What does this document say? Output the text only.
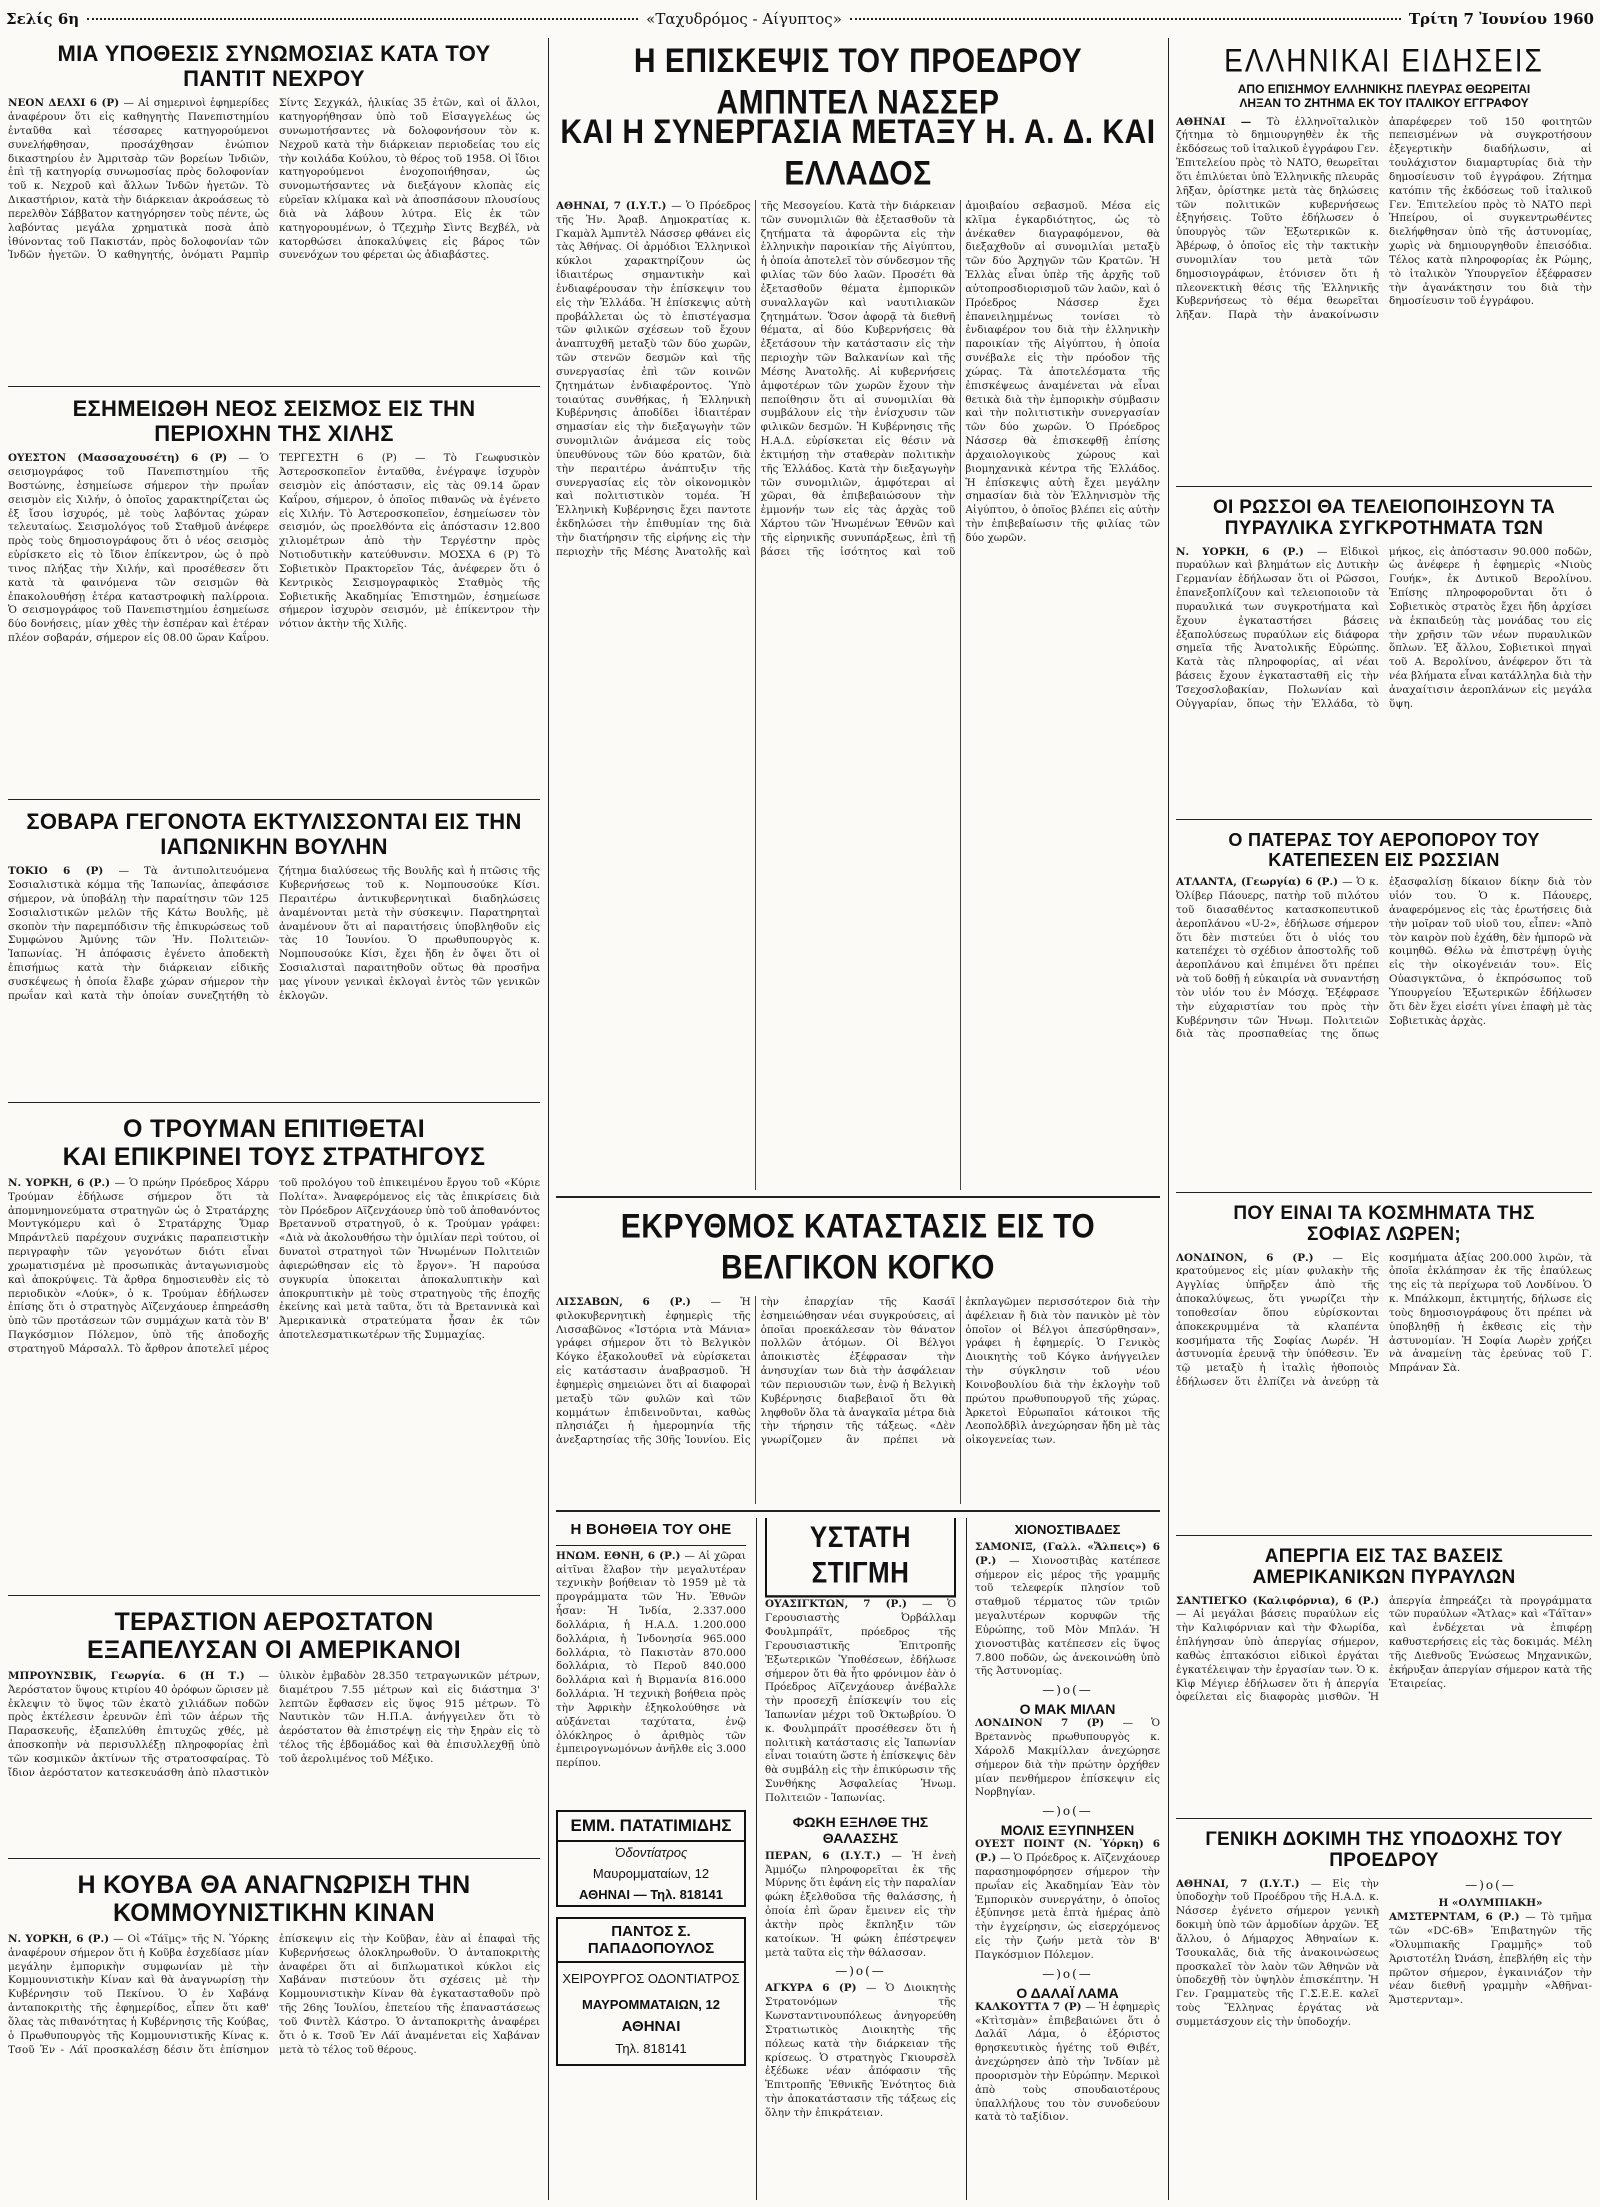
Σελίς 6η	«Ταχυδρόμος - Αίγυπτος»	Τρίτη 7 Ἰουνίου 1960
ΜΙΑ ΥΠΟΘΕΣΙΣ ΣΥΝΩΜΟΣΙΑΣ ΚΑΤΑ ΤΟΥ ΠΑΝΤΙΤ ΝΕΧΡΟΥ
ΝΕΟΝ ΔΕΛΧΙ 6 (Ρ) — Αἱ σημερινοὶ ἐφημερίδες ἀναφέρουν ὅτι εἰς καθηγητὴς Πανεπιστημίου ἐνταῦθα καὶ τέσσαρες κατηγορούμενοι συνελήφθησαν, προσάχθησαν ἐνώπιον δικαστηρίου ἐν Ἀμριτσὰρ τῶν βορείων Ἰνδιῶν, ἐπὶ τῇ κατηγορίᾳ συνωμοσίας πρὸς δολοφονίαν τοῦ κ. Νεχροῦ καὶ ἄλλων Ἰνδῶν ἡγετῶν. Τὸ Δικαστήριον, κατὰ τὴν διάρκειαν ἀκροάσεως τὸ περελθὸν Σάββατον κατηγόρησεν τοὺς πέντε, ὡς λαβόντας μεγάλα χρηματικὰ ποσὰ ἀπὸ ἰθύνοντας τοῦ Πακιστάν, πρὸς δολοφονίαν τῶν Ἰνδῶν ἡγετῶν. Ὁ καθηγητής, ὀνόματι Ραμπὶρ Σίντς Σεχγκάλ, ἡλικίας 35 ἐτῶν, καὶ οἱ ἄλλοι, κατηγορήθησαν ὑπὸ τοῦ Εἰσαγγελέως ὡς συνωμοτήσαντες νὰ δολοφονήσουν τὸν κ. Νεχροῦ κατὰ τὴν διάρκειαν περιοδείας του εἰς τὴν κοιλάδα Κούλου, τὸ θέρος τοῦ 1958. Οἱ ἴδιοι κατηγορούμενοι ἐνοχοποιήθησαν, ὡς συνομωτήσαντες νὰ διεξάγουν κλοπὰς εἰς εὐρεῖαν κλίμακα καὶ νὰ ἀποσπάσουν πλουσίους διὰ νὰ λάβουν λύτρα. Εἰς ἐκ τῶν κατηγορουμένων, ὁ Τζεχμὴρ Σὶντς Βεχβέλ, νὰ κατορθώσει ἀποκαλύψεις εἰς βάρος τῶν συνενόχων του φέρεται ὡς ἀδιαβάστες.
ΕΣΗΜΕΙΩΘΗ ΝΕΟΣ ΣΕΙΣΜΟΣ ΕΙΣ ΤΗΝ ΠΕΡΙΟΧΗΝ ΤΗΣ ΧΙΛΗΣ
ΟΥΕΣΤΟΝ (Μασσαχουσέτη) 6 (Ρ) — Ὁ σεισμογράφος τοῦ Πανεπιστημίου τῆς Βοστώνης, ἐσημείωσε σήμερον τὴν πρωΐαν σεισμὸν εἰς Χιλήν, ὁ ὁποῖος χαρακτηρίζεται ὡς ἐξ ἴσου ἰσχυρός, μὲ τοὺς λαβόντας χώραν τελευταίως. Σεισμολόγος τοῦ Σταθμοῦ ἀνέφερε πρὸς τοὺς δημοσιογράφους ὅτι ὁ νέος σεισμὸς εὑρίσκετο εἰς τὸ ἴδιον ἐπίκεντρον, ὡς ὁ πρὸ τινος πλήξας τὴν Χιλήν, καὶ προσέθεσεν ὅτι κατὰ τὰ φαινόμενα τῶν σεισμῶν θὰ ἐπακολουθήσῃ ἑτέρα καταστροφικὴ παλίρροια. Ὁ σεισμογράφος τοῦ Πανεπιστημίου ἐσημείωσε δύο δονήσεις, μίαν χθὲς τὴν ἑσπέραν καὶ ἑτέραν πλέον σοβαράν, σήμερον εἰς 08.00 ὥραν Καΐρου. ΤΕΡΓΕΣΤΗ 6 (Ρ) — Τὸ Γεωφυσικὸν Ἀστεροσκοπεῖον ἐνταῦθα, ἐνέγραψε ἰσχυρὸν σεισμὸν εἰς ἀπόστασιν, εἰς τὰς 09.14 ὥραν Καΐρου, σήμερον, ὁ ὁποῖος πιθανῶς νὰ ἐγένετο εἰς Χιλήν. Τὸ Ἀστεροσκοπεῖον, ἐσημείωσεν τὸν σεισμόν, ὡς προελθόντα εἰς ἀπόστασιν 12.800 χιλιομέτρων ἀπὸ τὴν Τεργέστην πρὸς Νοτιοδυτικὴν κατεύθυνσιν. ΜΟΣΧΑ 6 (Ρ) Τὸ Σοβιετικὸν Πρακτορεῖον Τάς, ἀνέφερεν ὅτι ὁ Κεντρικὸς Σεισμογραφικὸς Σταθμὸς τῆς Σοβιετικῆς Ἀκαδημίας Ἐπιστημῶν, ἐσημείωσε σήμερον ἰσχυρὸν σεισμόν, μὲ ἐπίκεντρον τὴν νότιον ἀκτὴν τῆς Χιλῆς.
ΣΟΒΑΡΑ ΓΕΓΟΝΟΤΑ ΕΚΤΥΛΙΣΣΟΝΤΑΙ ΕΙΣ ΤΗΝ ΙΑΠΩΝΙΚΗΝ ΒΟΥΛΗΝ
ΤΟΚΙΟ 6 (Ρ) — Τὰ ἀντιπολιτευόμενα Σοσιαλιστικὰ κόμμα τῆς Ἰαπωνίας, ἀπεφάσισε σήμερον, νὰ ὑποβάλῃ τὴν παραίτησιν τῶν 125 Σοσιαλιστικῶν μελῶν τῆς Κάτω Βουλῆς, μὲ σκοπὸν τὴν παρεμπόδισιν τῆς ἐπικυρώσεως τοῦ Συμφώνου Ἀμύνης τῶν Ἠν. Πολιτειῶν-Ἰαπωνίας. Ἡ ἀπόφασις ἐγένετο ἀποδεκτὴ ἐπισήμως κατὰ τὴν διάρκειαν εἰδικῆς συσκέψεως ἡ ὁποία ἔλαβε χώραν σήμερον τὴν πρωΐαν καὶ κατὰ τὴν ὁποίαν συνεζητήθη τὸ ζήτημα διαλύσεως τῆς Βουλῆς καὶ ἡ πτῶσις τῆς Κυβερνήσεως τοῦ κ. Νομπουσούκε Κίσι. Περαιτέρω ἀντικυβερνητικαὶ διαδηλώσεις ἀναμένονται μετὰ τὴν σύσκεψιν. Παρατηρηταὶ ἀναμένουν ὅτι αἱ παραιτήσεις ὑποβληθοῦν εἰς τὰς 10 Ἰουνίου. Ὁ πρωθυπουργὸς κ. Νομπουσούκε Κίσι, ἔχει ἤδη ἐν ὄψει ὅτι οἱ Σοσιαλισταὶ παραιτηθοῦν οὕτως θὰ προσῆνα μας γίνουν γενικαὶ ἐκλογαὶ ἐντὸς τῶν γενικῶν ἐκλογῶν.
Ο ΤΡΟΥΜΑΝ ΕΠΙΤΙΘΕΤΑΙ
ΚΑΙ ΕΠΙΚΡΙΝΕΙ ΤΟΥΣ ΣΤΡΑΤΗΓΟΥΣ
Ν. ΥΟΡΚΗ, 6 (Ρ.) — Ὁ πρώην Πρόεδρος Χάρρυ Τρούμαν ἐδήλωσε σήμερον ὅτι τὰ ἀπομνημονεύματα στρατηγῶν ὡς ὁ Στρατάρχης Μοντγκόμερυ καὶ ὁ Στρατάρχης Ὄμαρ Μπράντλεϋ παρέχουν συχνάκις παραπειστικὴν περιγραφὴν τῶν γεγονότων διότι εἶναι χρωματισμένα μὲ προσωπικὰς ἀνταγωνισμοὺς καὶ ἀποκρύψεις. Τὰ ἄρθρα δημοσιευθὲν εἰς τὸ περιοδικὸν «Λούκ», ὁ κ. Τρούμαν ἐδήλωσεν ἐπίσης ὅτι ὁ στρατηγὸς Αϊζενχάουερ ἐπηρεάσθη ὑπὸ τῶν προτάσεων τῶν συμμάχων κατὰ τὸν Β' Παγκόσμιον Πόλεμον, ὑπὸ τῆς ἀποδοχῆς στρατηγοῦ Μάρσαλλ. Τὸ ἄρθρον ἀποτελεῖ μέρος τοῦ προλόγου τοῦ ἐπικειμένου ἔργου τοῦ «Κύριε Πολίτα». Ἀναφερόμενος εἰς τὰς ἐπικρίσεις διὰ τὸν Πρόεδρον Αϊζενχάουερ ὑπὸ τοῦ ἀποθανόντος Βρεταννοῦ στρατηγοῦ, ὁ κ. Τρούμαν γράφει: «Διὰ νὰ ἀκολουθήσω τὴν ὁμιλίαν περὶ τούτου, οἱ δυνατοὶ στρατηγοὶ τῶν Ἠνωμένων Πολιτειῶν ἀφιερώθησαν εἰς τὸ ἔργον». Ἡ παρούσα συγκυρία ὑποκειται ἀποκαλυπτικὴν καὶ ἀποκρυπτικὴν μὲ τοὺς στρατηγοὺς τῆς ἐποχῆς ἐκείνης καὶ μετὰ ταῦτα, ὅτι τὰ Βρεταννικὰ καὶ Ἀμερικανικὰ στρατεύματα ἦσαν ἐκ τῶν ἀποτελεσματικωτέρων τῆς Συμμαχίας.
ΤΕΡΑΣΤΙΟΝ ΑΕΡΟΣΤΑΤΟΝ ΕΞΑΠΕΛΥΣΑΝ ΟΙ ΑΜΕΡΙΚΑΝΟΙ
ΜΠΡΟΥΝΣΒΙΚ, Γεωργία. 6 (Η Τ.) — Ἀερόστατον ὕψους κτιρίου 40 ὀρόφων ὥρισεν μὲ ἐκλεψιν τὸ ὕψος τῶν ἐκατὸ χιλιάδων ποδῶν πρὸς ἐκτέλεσιν ἐρευνῶν ἐπὶ τῶν ἀέρων τῆς Παρασκευῆς, ἐξαπελύθη ἐπιτυχῶς χθές, μὲ ἀποσκοπὴν νὰ περισυλλέξῃ πληροφορίας ἐπὶ τῶν κοσμικῶν ἀκτίνων τῆς στρατοσφαίρας. Τὸ ἴδιον ἀερόστατον κατεσκευάσθη ἀπὸ πλαστικὸν ὑλικὸν ἐμβαδὸν 28.350 τετραγωνικῶν μέτρων, διαμέτρου 7.55 μέτρων καὶ εἰς διάστημα 3' λεπτῶν ἔφθασεν εἰς ὕψος 915 μέτρων. Τὸ Ναυτικὸν τῶν Η.Π.Α. ἀνήγγειλεν ὅτι τὸ ἀερόστατον θὰ ἐπιστρέψῃ εἰς τὴν ξηρὰν εἰς τὸ τέλος τῆς ἑβδομάδος καὶ θὰ ἐπισυλλεχθῇ ὑπὸ τοῦ ἀερολιμένος τοῦ Μέξικο.
Η ΚΟΥΒΑ ΘΑ ΑΝΑΓΝΩΡΙΣΗ ΤΗΝ ΚΟΜΜΟΥΝΙΣΤΙΚΗΝ ΚΙΝΑΝ
Ν. ΥΟΡΚΗ, 6 (Ρ.) — Οἱ «Τάϊμς» τῆς Ν. Ὑόρκης ἀναφέρουν σήμερον ὅτι ἡ Κοῦβα ἐσχεδίασε μίαν μεγάλην ἐμπορικὴν συμφωνίαν μὲ τὴν Κομμουνιστικὴν Κίναν καὶ θὰ ἀναγνωρίσῃ τὴν Κυβέρνησιν τοῦ Πεκίνου. Ὁ ἐν Χαβάνᾳ ἀνταποκριτὴς τῆς ἐφημερίδος, εἶπεν ὅτι καθ' ὅλας τὰς πιθανότητας ἡ Κυβέρνησις τῆς Κούβας, ὁ Πρωθυπουργὸς τῆς Κομμουνιστικῆς Κίνας κ. Τσοῦ Ἐν - Λάϊ προσκαλέσῃ δέσιν ὅτι ἐπίσημον ἐπίσκεψιν εἰς τὴν Κοῦβαν, ἐὰν αἱ ἐπαφαὶ τῆς Κυβερνήσεως ὁλοκληρωθοῦν. Ὁ ἀνταποκριτὴς ἀναφέρει ὅτι αἱ διπλωματικοὶ κύκλοι εἰς Χαβάναν πιστεύουν ὅτι σχέσεις μὲ τὴν Κομμουνιστικὴν Κίναν θὰ ἐγκατασταθοῦν πρὸ τῆς 26ης Ἰουλίου, ἐπετείου τῆς ἐπαναστάσεως τοῦ Φιντὲλ Κάστρο. Ὁ ἀνταποκριτὴς ἀναφέρει ὅτι ὁ κ. Τσοῦ Ἐν Λάϊ ἀναμένεται εἰς Χαβάναν μετὰ τὸ τέλος τοῦ θέρους.
Η ΕΠΙΣΚΕΨΙΣ ΤΟΥ ΠΡΟΕΔΡΟΥ ΑΜΠΝΤΕΛ ΝΑΣΣΕΡ
ΚΑΙ Η ΣΥΝΕΡΓΑΣΙΑ ΜΕΤΑΞΥ Η. Α. Δ. ΚΑΙ ΕΛΛΑΔΟΣ
ΑΘΗΝΑΙ, 7 (Ι.Υ.Τ.) — Ὁ Πρόεδρος τῆς Ἠν. Ἀραβ. Δημοκρατίας κ. Γκαμὰλ Ἀμπντὲλ Νάσσερ φθάνει εἰς τὰς Ἀθήνας. Οἱ ἀρμόδιοι Ἑλληνικοὶ κύκλοι χαρακτηρίζουν ὡς ἰδιαιτέρως σημαντικὴν καὶ ἐνδιαφέρουσαν τὴν ἐπίσκεψιν του εἰς τὴν Ἑλλάδα. Ἡ ἐπίσκεψις αὐτὴ προβάλλεται ὡς τὸ ἐπιστέγασμα τῶν φιλικῶν σχέσεων τοῦ ἔχουν ἀναπτυχθῆ μεταξὺ τῶν δύο χωρῶν, τῶν στενῶν δεσμῶν καὶ τῆς συνεργασίας ἐπὶ τῶν κοινῶν ζητημάτων ἐνδιαφέροντος. Ὑπὸ τοιαύτας συνθήκας, ἡ Ἑλληνικὴ Κυβέρνησις ἀποδίδει ἰδιαιτέραν σημασίαν εἰς τὴν διεξαγωγὴν τῶν συνομιλιῶν ἀνάμεσα εἰς τοὺς ὑπευθύνους τῶν δύο κρατῶν, διὰ τὴν περαιτέρω ἀνάπτυξιν τῆς συνεργασίας εἰς τὸν οἰκονομικὸν καὶ πολιτιστικὸν τομέα. Ἡ Ἑλληνικὴ Κυβέρνησις ἔχει παντοτε ἐκδηλώσει τὴν ἐπιθυμίαν της διὰ τὴν διατήρησιν τῆς εἰρήνης εἰς τὴν περιοχὴν τῆς Μέσης Ἀνατολῆς καὶ τῆς Μεσογείου. Κατὰ τὴν διάρκειαν τῶν συνομιλιῶν θὰ ἐξετασθοῦν τὰ ζητήματα τὰ ἀφορῶντα εἰς τὴν ἑλληνικὴν παροικίαν τῆς Αἰγύπτου, ἡ ὁποία ἀποτελεῖ τὸν σύνδεσμον τῆς φιλίας τῶν δύο λαῶν. Προσέτι θὰ ἐξετασθοῦν θέματα ἐμπορικῶν συναλλαγῶν καὶ ναυτιλιακῶν ζητημάτων. Ὅσον ἀφορᾷ τὰ διεθνῆ θέματα, αἱ δύο Κυβερνήσεις θὰ ἐξετάσουν τὴν κατάστασιν εἰς τὴν περιοχὴν τῶν Βαλκανίων καὶ τῆς Μέσης Ἀνατολῆς. Αἱ κυβερνήσεις ἀμφοτέρων τῶν χωρῶν ἔχουν τὴν πεποίθησιν ὅτι αἱ συνομιλίαι θὰ συμβάλουν εἰς τὴν ἐνίσχυσιν τῶν φιλικῶν δεσμῶν. Ἡ Κυβέρνησις τῆς Η.Α.Δ. εὑρίσκεται εἰς θέσιν νὰ ἐκτιμήσῃ τὴν σταθερὰν πολιτικὴν τῆς Ἑλλάδος. Κατὰ τὴν διεξαγωγὴν τῶν συνομιλιῶν, ἀμφότεραι αἱ χῶραι, θὰ ἐπιβεβαιώσουν τὴν ἐμμονήν των εἰς τὰς ἀρχὰς τοῦ Χάρτου τῶν Ἠνωμένων Ἐθνῶν καὶ τῆς εἰρηνικῆς συνυπάρξεως, ἐπὶ τῇ βάσει τῆς ἰσότητος καὶ τοῦ ἀμοιβαίου σεβασμοῦ. Μέσα εἰς κλῖμα ἐγκαρδιότητος, ὡς τὸ ἀνέκαθεν διαγραφόμενον, θὰ διεξαχθοῦν αἱ συνομιλίαι μεταξὺ τῶν δύο Ἀρχηγῶν τῶν Κρατῶν. Ἡ Ἑλλὰς εἶναι ὑπὲρ τῆς ἀρχῆς τοῦ αὐτοπροσδιορισμοῦ τῶν λαῶν, καὶ ὁ Πρόεδρος Νάσσερ ἔχει ἐπανειλημμένως τονίσει τὸ ἐνδιαφέρον του διὰ τὴν ἑλληνικὴν παροικίαν τῆς Αἰγύπτου, ἡ ὁποία συνέβαλε εἰς τὴν πρόοδον τῆς χώρας. Τὰ ἀποτελέσματα τῆς ἐπισκέψεως ἀναμένεται νὰ εἶναι θετικὰ διὰ τὴν ἐμπορικὴν σύμβασιν καὶ τὴν πολιτιστικὴν συνεργασίαν τῶν δύο χωρῶν. Ὁ Πρόεδρος Νάσσερ θὰ ἐπισκεφθῇ ἐπίσης ἀρχαιολογικοὺς χώρους καὶ βιομηχανικὰ κέντρα τῆς Ἑλλάδος. Ἡ ἐπίσκεψις αὐτὴ ἔχει μεγάλην σημασίαν διὰ τὸν Ἑλληνισμὸν τῆς Αἰγύπτου, ὁ ὁποῖος βλέπει εἰς αὐτὴν τὴν ἐπιβεβαίωσιν τῆς φιλίας τῶν δύο χωρῶν.
ΕΚΡΥΘΜΟΣ ΚΑΤΑΣΤΑΣΙΣ ΕΙΣ ΤΟ ΒΕΛΓΙΚΟΝ ΚΟΓΚΟ
ΛΙΣΣΑΒΩΝ, 6 (Ρ.) — Ἡ φιλοκυβερνητικὴ ἐφημερὶς τῆς Λισσαβῶνος «Ἱστόρια ντὰ Μάνια» γράφει σήμερον ὅτι τὸ Βελγικὸν Κόγκο ἐξακολουθεῖ νὰ εὑρίσκεται εἰς κατάστασιν ἀναβρασμοῦ. Ἡ ἐφημερὶς σημειώνει ὅτι αἱ διαφοραὶ μεταξὺ τῶν φυλῶν καὶ τῶν κομμάτων ἐπιδεινοῦνται, καθὼς πλησιάζει ἡ ἡμερομηνία τῆς ἀνεξαρτησίας τῆς 30ῆς Ἰουνίου. Εἰς τὴν ἐπαρχίαν τῆς Κασάϊ ἐσημειώθησαν νέαι συγκρούσεις, αἱ ὁποῖαι προεκάλεσαν τὸν θάνατον πολλῶν ἀτόμων. Οἱ Βέλγοι ἀποικιστὲς ἐξέφρασαν τὴν ἀνησυχίαν των διὰ τὴν ἀσφάλειαν τῶν περιουσιῶν των, ἐνῷ ἡ Βελγικὴ Κυβέρνησις διαβεβαιοῖ ὅτι θὰ ληφθοῦν ὅλα τὰ ἀναγκαῖα μέτρα διὰ τὴν τήρησιν τῆς τάξεως. «Δὲν γνωρίζομεν ἂν πρέπει νὰ ἐκπλαγῶμεν περισσότερον διὰ τὴν ἀφέλειαν ἢ διὰ τὸν πανικὸν μὲ τὸν ὁποῖον οἱ Βέλγοι ἀπεσύρθησαν», γράφει ἡ ἐφημερίς. Ὁ Γενικὸς Διοικητὴς τοῦ Κόγκο ἀνήγγειλεν τὴν σύγκλησιν τοῦ νέου Κοινοβουλίου διὰ τὴν ἐκλογὴν τοῦ πρώτου πρωθυπουργοῦ τῆς χώρας. Ἀρκετοὶ Εὐρωπαῖοι κάτοικοι τῆς Λεοπολδβὶλ ἀνεχώρησαν ἤδη μὲ τὰς οἰκογενείας των.
Η ΒΟΗΘΕΙΑ ΤΟΥ ΟΗΕ
ΗΝΩΜ. ΕΘΝΗ, 6 (Ρ.) — Αἱ χῶραι αἰτῖναι ἔλαβον τὴν μεγαλυτέραν τεχνικὴν βοήθειαν τὸ 1959 μὲ τὰ προγράμματα τῶν Ἠν. Ἐθνῶν ἦσαν: Ἡ Ἰνδία, 2.337.000 δολλάρια, ἡ Η.Α.Δ. 1.200.000 δολλάρια, ἡ Ἰνδονησία 965.000 δολλάρια, τὸ Πακιστὰν 870.000 δολλάρια, τὸ Περοῦ 840.000 δολλάρια καὶ ἡ Βιρμανία 816.000 δολλάρια. Ἡ τεχνικὴ βοήθεια πρὸς τὴν Ἀφρικὴν ἐξηκολούθησε νὰ αὐξάνεται ταχύτατα, ἐνῷ ὁλόκληρος ὁ ἀριθμὸς τῶν ἐμπειρογνωμόνων ἀνῆλθε εἰς 3.000 περίπου.
ΕΜΜ. ΠΑΤΑΤΙΜΙΔΗΣ
Ὀδοντίατρος
Μαυρομματαίων, 12
ΑΘΗΝΑΙ — Τηλ. 818141
ΠΑΝΤΟΣ Σ. ΠΑΠΑΔΟΠΟΥΛΟΣ
ΧΕΙΡΟΥΡΓΟΣ ΟΔΟΝΤΙΑΤΡΟΣ
ΜΑΥΡΟΜΜΑΤΑΙΩΝ, 12
ΑΘΗΝΑΙ
Τηλ. 818141
ΥΣΤΑΤΗ ΣΤΙΓΜΗ
ΟΥΑΣΙΓΚΤΩΝ, 7 (Ρ.) — Ὁ Γερουσιαστὴς Ὀρβάλλαμ Φουλμπράϊτ, πρόεδρος τῆς Γερουσιαστικῆς Ἐπιτροπῆς Ἐξωτερικῶν Ὑποθέσεων, ἐδήλωσε σήμερον ὅτι θὰ ἦτο φρόνιμον ἐὰν ὁ Πρόεδρος Αϊζενχάουερ ἀνέβαλλε τὴν προσεχῆ ἐπίσκεψίν του εἰς Ἰαπωνίαν μέχρι τοῦ Ὀκτωβρίου. Ὁ κ. Φουλμπράϊτ προσέθεσεν ὅτι ἡ πολιτικὴ κατάστασις εἰς Ἰαπωνίαν εἶναι τοιαύτη ὥστε ἡ ἐπίσκεψις δὲν θὰ συμβάλῃ εἰς τὴν ἐπικύρωσιν τῆς Συνθήκης Ἀσφαλείας Ἠνωμ. Πολιτειῶν - Ἰαπωνίας.
ΦΩΚΗ ΕΞΗΛΘΕ ΤΗΣ ΘΑΛΑΣΣΗΣ
ΠΕΡΑΝ, 6 (Ι.Υ.Τ.) — Ἡ ἐνεὴ Ἀμμόζω πληροφορεῖται ἐκ τῆς Μύρνης ὅτι ἐφάνη εἰς τὴν παραλίαν φώκη ἐξελθοῦσα τῆς θαλάσσης, ἡ ὁποία ἐπὶ ὥραν ἔμεινεν εἰς τὴν ἀκτὴν πρὸς ἔκπληξιν τῶν κατοίκων. Ἡ φώκη ἐπέστρεψεν μετὰ ταῦτα εἰς τὴν θάλασσαν.
—)o(—
ΑΓΚΥΡΑ 6 (Ρ) — Ὁ Διοικητὴς Στρατονόμων τῆς Κωνσταντινουπόλεως ἀνηγορεύθη Στρατιωτικὸς Διοικητὴς τῆς πόλεως κατὰ τὴν διάρκειαν τῆς κρίσεως. Ὁ στρατηγὸς Γκιουρσὲλ ἐξέδωκε νέαν ἀπόφασιν τῆς Ἐπιτροπῆς Ἐθνικῆς Ἑνότητος διὰ τὴν ἀποκατάστασιν τῆς τάξεως εἰς ὅλην τὴν ἐπικράτειαν.
ΧΙΟΝΟΣΤΙΒΑΔΕΣ
ΣΑΜΟΝΙΞ, (Γαλλ. «Ἄλπεις») 6 (Ρ.) — Χιονοστιβὰς κατέπεσε σήμερον εἰς μέρος τῆς γραμμῆς τοῦ τελεφερίκ πλησίον τοῦ σταθμοῦ τέρματος τῶν τριῶν μεγαλυτέρων κορυφῶν τῆς Εὐρώπης, τοῦ Μὸν Μπλάν. Ἡ χιονοστιβὰς κατέπεσεν εἰς ὕψος 7.800 ποδῶν, ὡς ἀνεκοινώθη ὑπὸ τῆς Ἀστυνομίας.
—)o(—
Ο ΜΑΚ ΜΙΛΑΝ
ΛΟΝΔΙΝΟΝ 7 (Ρ) — Ὁ Βρεταννὸς πρωθυπουργὸς κ. Χάρολδ Μακμίλλαν ἀνεχώρησε σήμερον διὰ τὴν πρώτην ὀρχήθεν μίαν πενθήμερον ἐπίσκεψιν εἰς Νορβηγίαν.
—)o(—
ΜΟΛΙΣ ΕΞΥΠΝΗΣΕΝ
ΟΥΕΣΤ ΠΟΙΝΤ (Ν. Ὑόρκη) 6 (Ρ.) — Ὁ Πρόεδρος κ. Αϊζενχάουερ παρασημοφόρησεν σήμερον τὴν πρωΐαν εἰς Ἀκαδημίαν Ἐὰν τὸν Ἐμπορικὸν συνεργάτην, ὁ ὁποῖος ἐξύπνησε μετὰ ἑπτὰ ἡμέρας ἀπὸ τὴν ἐγχείρησιν, ὡς εἰσερχόμενος εἰς τὴν ζωήν μετὰ τὸν Β' Παγκόσμιον Πόλεμον.
—)o(—
Ο ΔΑΛΑΪ ΛΑΜΑ
ΚΑΛΚΟΥΤΤΑ 7 (Ρ) — Ἡ ἐφημερὶς «Κτὶτσμὰν» ἐπιβεβαιώνει ὅτι ὁ Δαλάϊ Λάμα, ὁ ἐξόριστος θρησκευτικὸς ἡγέτης τοῦ Θιβέτ, ἀνεχώρησεν ἀπὸ τὴν Ἰνδίαν μὲ προορισμὸν τὴν Εὐρώπην. Μερικοὶ ἀπὸ τοὺς σπουδαιοτέρους ὑπαλλήλους του τὸν συνοδεύουν κατὰ τὸ ταξίδιον.
ΕΛΛΗΝΙΚΑΙ ΕΙΔΗΣΕΙΣ
ΑΠΟ ΕΠΙΣΗΜΟΥ ΕΛΛΗΝΙΚΗΣ ΠΛΕΥΡΑΣ ΘΕΩΡΕΙΤΑΙ
ΛΗΞΑΝ ΤΟ ΖΗΤΗΜΑ ΕΚ ΤΟΥ ΙΤΑΛΙΚΟΥ ΕΓΓΡΑΦΟΥ
ΑΘΗΝΑΙ — Τὸ ἑλληνοϊταλικὸν ζήτημα τὸ δημιουργηθὲν ἐκ τῆς ἐκδόσεως τοῦ ἰταλικοῦ ἐγγράφου Γεν. Ἐπιτελείου πρὸς τὸ ΝΑΤΟ, θεωρεῖται ὅτι ἐπιλύεται ὑπὸ Ἑλληνικῆς πλευρᾶς λῆξαν, ὁρίστηκε μετὰ τὰς δηλώσεις τῶν πολιτικῶν κυβερνήσεως ἐξηγήσεις. Τοῦτο ἐδήλωσεν ὁ ὑπουργὸς τῶν Ἐξωτερικῶν κ. Ἀβέρωφ, ὁ ὁποῖος εἰς τὴν τακτικὴν συνομιλίαν του μετὰ τῶν δημοσιογράφων, ἐτόνισεν ὅτι ἡ πλεονεκτικὴ θέσις τῆς Ἑλληνικῆς Κυβερνήσεως τὸ θέμα θεωρεῖται λῆξαν. Παρὰ τὴν ἀνακοίνωσιν ἀπαρέφερεν τοῦ 150 φοιτητῶν πεπεισμένων νὰ συγκροτήσουν ἐξεγερτικὴν διαδήλωσιν, αἱ τουλάχιστον διαμαρτυρίας διὰ τὴν δημοσίευσιν τοῦ ἐγγράφου. Ζήτημα κατόπιν τῆς ἐκδόσεως τοῦ ἰταλικοῦ Γεν. Ἐπιτελείου πρὸς τὸ ΝΑΤΟ περὶ Ἠπείρου, οἱ συγκεντρωθέντες διελήφθησαν ὑπὸ τῆς ἀστυνομίας, χωρὶς νὰ δημιουργηθοῦν ἐπεισόδια. Τέλος κατὰ πληροφορίας ἐκ Ρώμης, τὸ ἰταλικὸν Ὑπουργεῖον ἐξέφρασεν τὴν ἀγανάκτησιν του διὰ τὴν δημοσίευσιν τοῦ ἐγγράφου.
ΟΙ ΡΩΣΣΟΙ ΘΑ ΤΕΛΕΙΟΠΟΙΗΣΟΥΝ ΤΑ ΠΥΡΑΥΛΙΚΑ ΣΥΓΚΡΟΤΗΜΑΤΑ ΤΩΝ
Ν. ΥΟΡΚΗ, 6 (Ρ.) — Εἰδικοὶ πυραύλων καὶ βλημάτων εἰς Δυτικὴν Γερμανίαν ἐδήλωσαν ὅτι οἱ Ρῶσσοι, ἐπανεξοπλίζουν καὶ τελειοποιοῦν τὰ πυραυλικά των συγκροτήματα καὶ ἔχουν ἐγκαταστήσει βάσεις ἐξαπολύσεως πυραύλων εἰς διάφορα σημεῖα τῆς Ἀνατολικῆς Εὐρώπης. Κατὰ τὰς πληροφορίας, αἱ νέαι βάσεις ἔχουν ἐγκατασταθῆ εἰς τὴν Τσεχοσλοβακίαν, Πολωνίαν καὶ Οὐγγαρίαν, ὅπως τὴν Ἑλλάδα, τὸ μήκος, εἰς ἀπόστασιν 90.000 ποδῶν, ὡς ἀνέφερε ἡ ἐφημερὶς «Νιοὺς Γουήκ», ἐκ Δυτικοῦ Βερολίνου. Ἐπίσης πληροφοροῦνται ὅτι ὁ Σοβιετικὸς στρατὸς ἔχει ἤδη ἀρχίσει νὰ ἐκπαιδεύῃ τὰς μονάδας του εἰς τὴν χρῆσιν τῶν νέων πυραυλικῶν ὅπλων. Ἐξ ἄλλου, Σοβιετικοὶ πηγαὶ τοῦ Α. Βερολίνου, ἀνέφερον ὅτι τὰ νέα βλήματα εἶναι κατάλληλα διὰ τὴν ἀναχαίτισιν ἀεροπλάνων εἰς μεγάλα ὕψη.
Ο ΠΑΤΕΡΑΣ ΤΟΥ ΑΕΡΟΠΟΡΟΥ ΤΟΥ ΚΑΤΕΠΕΣΕΝ ΕΙΣ ΡΩΣΣΙΑΝ
ΑΤΛΑΝΤΑ, (Γεωργία) 6 (Ρ.) — Ὁ κ. Ὀλίβερ Πάουερς, πατὴρ τοῦ πιλότου τοῦ διασαθέντος κατασκοπευτικοῦ ἀεροπλάνου «U-2», ἐδήλωσε σήμερον ὅτι δὲν πιστεύει ὅτι ὁ υἱός του κατεπέχει τὸ σχέδιον ἀποστολῆς τοῦ ἀεροπλάνου καὶ ἐπιμένει ὅτι πρέπει νὰ τοῦ δοθῇ ἡ εὐκαιρία νὰ συναντήσῃ τὸν υἱόν του ἐν Μόσχᾳ. Ἐξέφρασε τὴν εὐχαριστίαν του πρὸς τὴν Κυβέρνησιν τῶν Ἠνωμ. Πολιτειῶν διὰ τὰς προσπαθείας της ὅπως ἐξασφαλίσῃ δίκαιον δίκην διὰ τὸν υἱόν του. Ὁ κ. Πάουερς, ἀναφερόμενος εἰς τὰς ἐρωτήσεις διὰ τὴν μοῖραν τοῦ υἱοῦ του, εἶπεν: «Ἀπὸ τὸν καιρὸν ποὺ ἐχάθη, δὲν ἠμπορῶ νὰ κοιμηθῶ. Θέλω νὰ ἐπιστρέψῃ ὑγιὴς εἰς τὴν οἰκογένειάν του». Εἰς Οὐασιγκτῶνα, ὁ ἐκπρόσωπος τοῦ Ὑπουργείου Ἐξωτερικῶν ἐδήλωσεν ὅτι δὲν ἔχει εἰσέτι γίνει ἐπαφὴ μὲ τὰς Σοβιετικὰς ἀρχὰς.
ΠΟΥ ΕΙΝΑΙ ΤΑ ΚΟΣΜΗΜΑΤΑ ΤΗΣ ΣΟΦΙΑΣ ΛΩΡΕΝ;
ΛΟΝΔΙΝΟΝ, 6 (Ρ.) — Εἰς κρατούμενος εἰς μίαν φυλακὴν τῆς Αγγλίας ὑπῆρξεν ἀπὸ τῆς ἀποκαλύψεως, ὅτι γνωρίζει τὴν τοποθεσίαν ὅπου εὑρίσκονται ἀποκεκρυμμένα τὰ κλαπέντα κοσμήματα τῆς Σοφίας Λωρέν. Ἡ ἀστυνομία ἐρευνᾷ τὴν ὑπόθεσιν. Ἐν τῷ μεταξὺ ἡ ἰταλὶς ἠθοποιὸς ἐδήλωσεν ὅτι ἐλπίζει νὰ ἀνεύρῃ τὰ κοσμήματα ἀξίας 200.000 λιρῶν, τὰ ὁποῖα ἐκλάπησαν ἐκ τῆς ἐπαύλεως της εἰς τὰ περίχωρα τοῦ Λονδίνου. Ὁ κ. Μπάλκομπ, ἐκτιμητής, δήλωσε εἰς τοὺς δημοσιογράφους ὅτι πρέπει νὰ ὑποβληθῇ ἡ ἐκθεσις εἰς τὴν ἀστυνομίαν. Ἡ Σοφία Λωρὲν χρήζει νὰ ἀναμείνῃ τὰς ἐρεύνας τοῦ Γ. Μπράναν Σὰ.
ΑΠΕΡΓΙΑ ΕΙΣ ΤΑΣ ΒΑΣΕΙΣ ΑΜΕΡΙΚΑΝΙΚΩΝ ΠΥΡΑΥΛΩΝ
ΣΑΝΤΙΕΓΚΟ (Καλιφόρνια), 6 (Ρ.) — Αἱ μεγάλαι βάσεις πυραύλων εἰς τὴν Καλιφόρνιαν καὶ τὴν Φλωρίδα, ἐπλήγησαν ὑπὸ ἀπεργίας σήμερον, καθὼς ἑπτακόσιοι εἰδικοὶ ἐργάται ἐγκατέλειψαν τὴν ἐργασίαν των. Ὁ κ. Κὶφ Μέγιερ ἐδήλωσεν ὅτι ἡ ἀπεργία ὀφείλεται εἰς διαφορὰς μισθῶν. Ἡ ἀπεργία ἐπηρεάζει τὰ προγράμματα τῶν πυραύλων «Ἄτλας» καὶ «Τάϊταν» καὶ ἐνδέχεται νὰ ἐπιφέρῃ καθυστερήσεις εἰς τὰς δοκιμάς. Μέλη τῆς Διεθνοῦς Ἑνώσεως Μηχανικῶν, ἐκήρυξαν ἀπεργίαν σήμερον κατὰ τῆς Ἑταιρείας.
ΓΕΝΙΚΗ ΔΟΚΙΜΗ ΤΗΣ ΥΠΟΔΟΧΗΣ ΤΟΥ ΠΡΟΕΔΡΟΥ
ΑΘΗΝΑΙ, 7 (Ι.Υ.Τ.) — Εἰς τὴν ὑποδοχὴν τοῦ Προέδρου τῆς Η.Α.Δ. κ. Νάσσερ ἐγένετο σήμερον γενικὴ δοκιμὴ ὑπὸ τῶν ἀρμοδίων ἀρχῶν. Ἐξ ἄλλου, ὁ Δήμαρχος Ἀθηναίων κ. Τσουκαλᾶς, διὰ τῆς ἀνακοινώσεως προσκαλεῖ τὸν λαὸν τῶν Ἀθηνῶν νὰ ὑποδεχθῇ τὸν ὑψηλὸν ἐπισκέπτην. Ἡ Γεν. Γραμματεὺς τῆς Γ.Σ.Ε.Ε. καλεῖ τοὺς Ἕλληνας ἐργάτας νὰ συμμετάσχουν εἰς τὴν ὑποδοχήν.
—)o(—
Η «ΟΛΥΜΠΙΑΚΗ»
ΑΜΣΤΕΡΝΤΑΜ, 6 (Ρ.) — Τὸ τμῆμα τῶν «DC-6B» Ἐπιβατηγῶν τῆς «Ὀλυμπιακῆς Γραμμῆς» τοῦ Ἀριστοτέλη Ὠνάση, ἐπεβλήθη εἰς τὴν πρῶτον σήμερον, ἐγκαινιάζον τὴν νέαν διεθνῆ γραμμὴν «Ἀθῆναι-Ἄμστερνταμ».
